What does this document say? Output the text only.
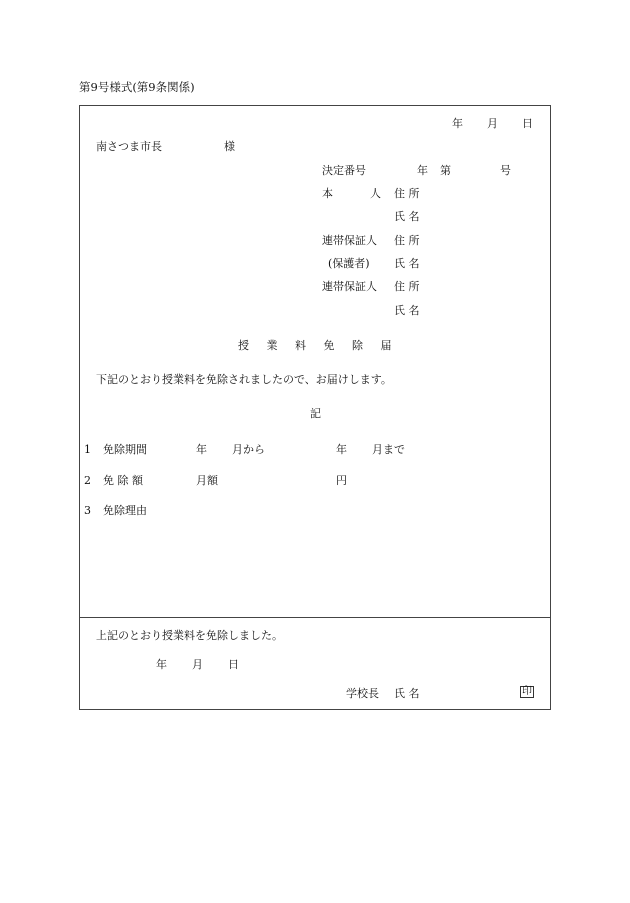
第9号様式(第9条関係)
年 月 日
南さつま市長	様
決定番号	年 第	号
本	人 住 所
氏 名
連帯保証人 住 所
(保護者) 氏 名
連帯保証人 住 所
氏 名
授 業 料 免 除 届
下記のとおり授業料を免除されましたので、お届けします。
記
1 免除期間	年 月から	年 月まで
2 免 除 額	月額	円
3 免除理由
上記のとおり授業料を免除しました。
年 月 日
学校長 氏 名	印
